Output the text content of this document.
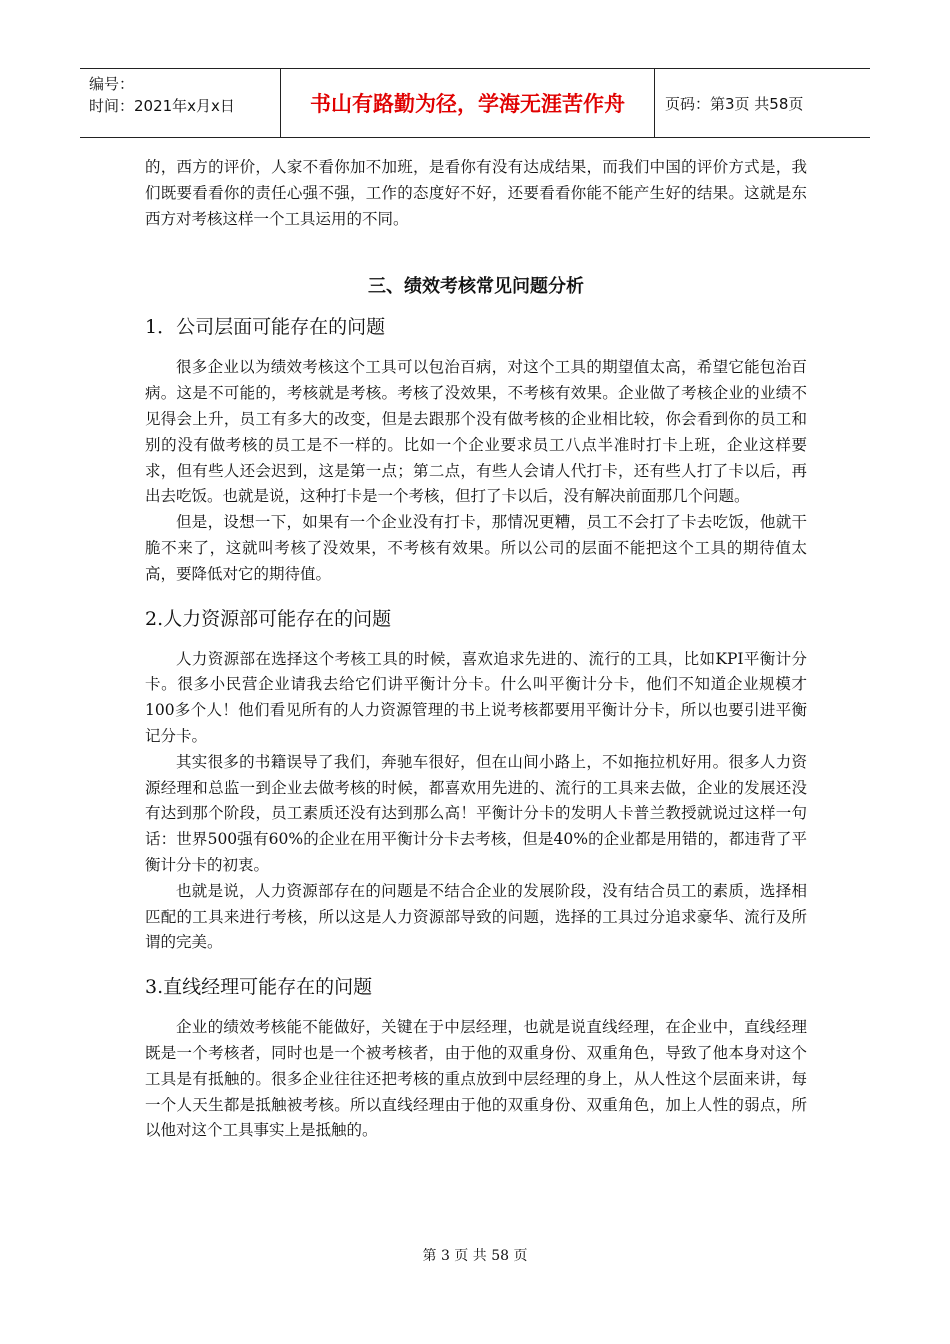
编号：
时间：2021年x月x日	书山有路勤为径，学海无涯苦作舟	页码：第3页 共58页

的，西方的评价，人家不看你加不加班，是看你有没有达成结果，而我们中国的评价方式是，我们既要看看你的责任心强不强，工作的态度好不好，还要看看你能不能产生好的结果。这就是东西方对考核这样一个工具运用的不同。

三、绩效考核常见问题分析
1．公司层面可能存在的问题

很多企业以为绩效考核这个工具可以包治百病，对这个工具的期望值太高，希望它能包治百病。这是不可能的，考核就是考核。考核了没效果，不考核有效果。企业做了考核企业的业绩不见得会上升，员工有多大的改变，但是去跟那个没有做考核的企业相比较，你会看到你的员工和别的没有做考核的员工是不一样的。比如一个企业要求员工八点半准时打卡上班，企业这样要求，但有些人还会迟到，这是第一点；第二点，有些人会请人代打卡，还有些人打了卡以后，再出去吃饭。也就是说，这种打卡是一个考核，但打了卡以后，没有解决前面那几个问题。

但是，设想一下，如果有一个企业没有打卡，那情况更糟，员工不会打了卡去吃饭，他就干脆不来了，这就叫考核了没效果，不考核有效果。所以公司的层面不能把这个工具的期待值太高，要降低对它的期待值。

2.人力资源部可能存在的问题

人力资源部在选择这个考核工具的时候，喜欢追求先进的、流行的工具，比如KPI平衡计分卡。很多小民营企业请我去给它们讲平衡计分卡。什么叫平衡计分卡，他们不知道企业规模才100多个人！他们看见所有的人力资源管理的书上说考核都要用平衡计分卡，所以也要引进平衡记分卡。

其实很多的书籍误导了我们，奔驰车很好，但在山间小路上，不如拖拉机好用。很多人力资源经理和总监一到企业去做考核的时候，都喜欢用先进的、流行的工具来去做，企业的发展还没有达到那个阶段，员工素质还没有达到那么高！平衡计分卡的发明人卡普兰教授就说过这样一句话：世界500强有60%的企业在用平衡计分卡去考核，但是40%的企业都是用错的，都违背了平衡计分卡的初衷。

也就是说，人力资源部存在的问题是不结合企业的发展阶段，没有结合员工的素质，选择相匹配的工具来进行考核，所以这是人力资源部导致的问题，选择的工具过分追求豪华、流行及所谓的完美。

3.直线经理可能存在的问题

企业的绩效考核能不能做好，关键在于中层经理，也就是说直线经理，在企业中，直线经理既是一个考核者，同时也是一个被考核者，由于他的双重身份、双重角色，导致了他本身对这个工具是有抵触的。很多企业往往还把考核的重点放到中层经理的身上，从人性这个层面来讲，每一个人天生都是抵触被考核。所以直线经理由于他的双重身份、双重角色，加上人性的弱点，所以他对这个工具事实上是抵触的。

第 3 页 共 58 页
